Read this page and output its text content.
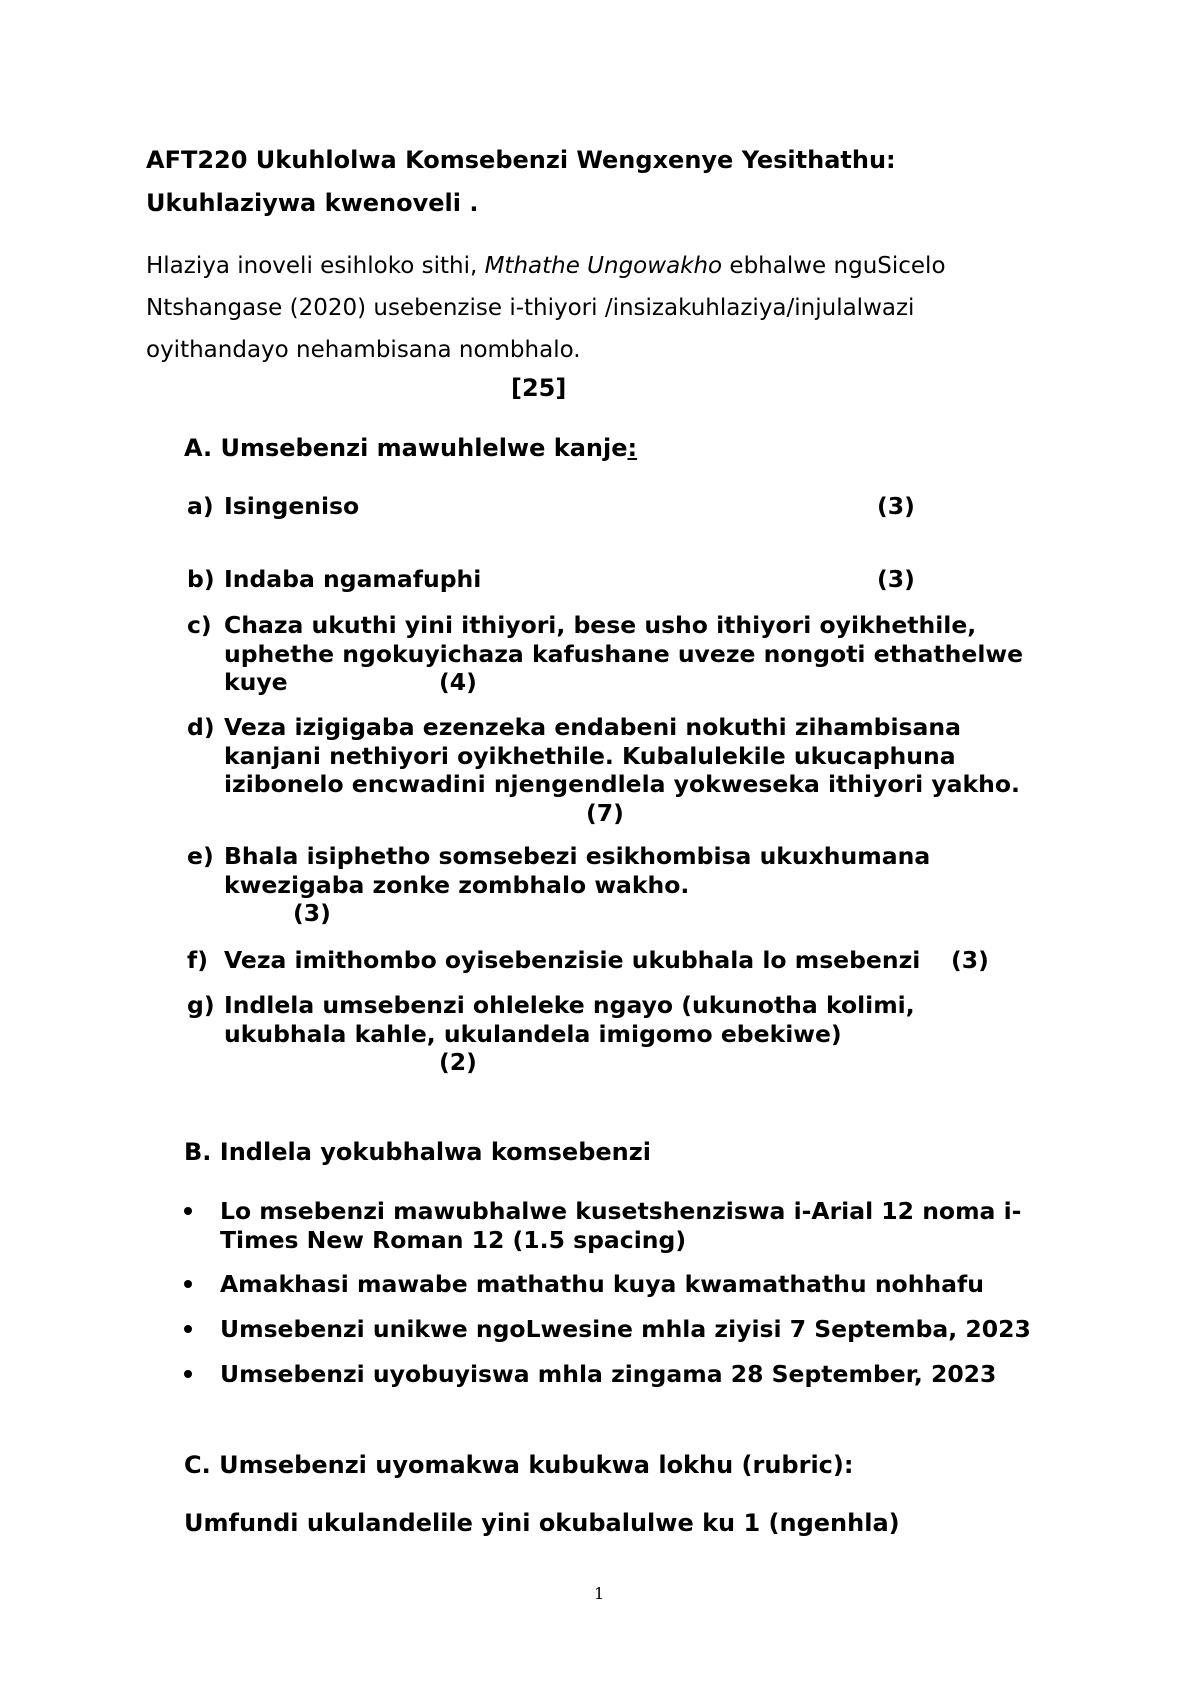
AFT220 Ukuhlolwa Komsebenzi Wengxenye Yesithathu:
Ukuhlaziywa kwenoveli .
Hlaziya inoveli esihloko sithi, Mthathe Ungowakho ebhalwe nguSicelo
Ntshangase (2020) usebenzise i-thiyori /insizakuhlaziya/injulalwazi
oyithandayo nehambisana nombhalo.
[25]
A. Umsebenzi mawuhlelwe kanje:
a) Isingeniso	(3)
b) Indaba ngamafuphi	(3)
c) Chaza ukuthi yini ithiyori, bese usho ithiyori oyikhethile, uphethe ngokuyichaza kafushane uveze nongoti ethathelwe kuye	(4)
d) Veza izigigaba ezenzeka endabeni nokuthi zihambisana kanjani nethiyori oyikhethile. Kubalulekile ukucaphuna izibonelo encwadini njengendlela yokweseka ithiyori yakho.
(7)
e) Bhala isiphetho somsebezi esikhombisa ukuxhumana kwezigaba zonke zombhalo wakho.
(3)
f) Veza imithombo oyisebenzisie ukubhala lo msebenzi	(3)
g) Indlela umsebenzi ohleleke ngayo (ukunotha kolimi, ukubhala kahle, ukulandela imigomo ebekiwe)
(2)
B. Indlela yokubhalwa komsebenzi
Lo msebenzi mawubhalwe kusetshenziswa i-Arial 12 noma i-Times New Roman 12 (1.5 spacing)
Amakhasi mawabe mathathu kuya kwamathathu nohhafu
Umsebenzi unikwe ngoLwesine mhla ziyisi 7 Septemba, 2023
Umsebenzi uyobuyiswa mhla zingama 28 September, 2023
C. Umsebenzi uyomakwa kubukwa lokhu (rubric):
Umfundi ukulandelile yini okubalulwe ku 1 (ngenhla)
1
